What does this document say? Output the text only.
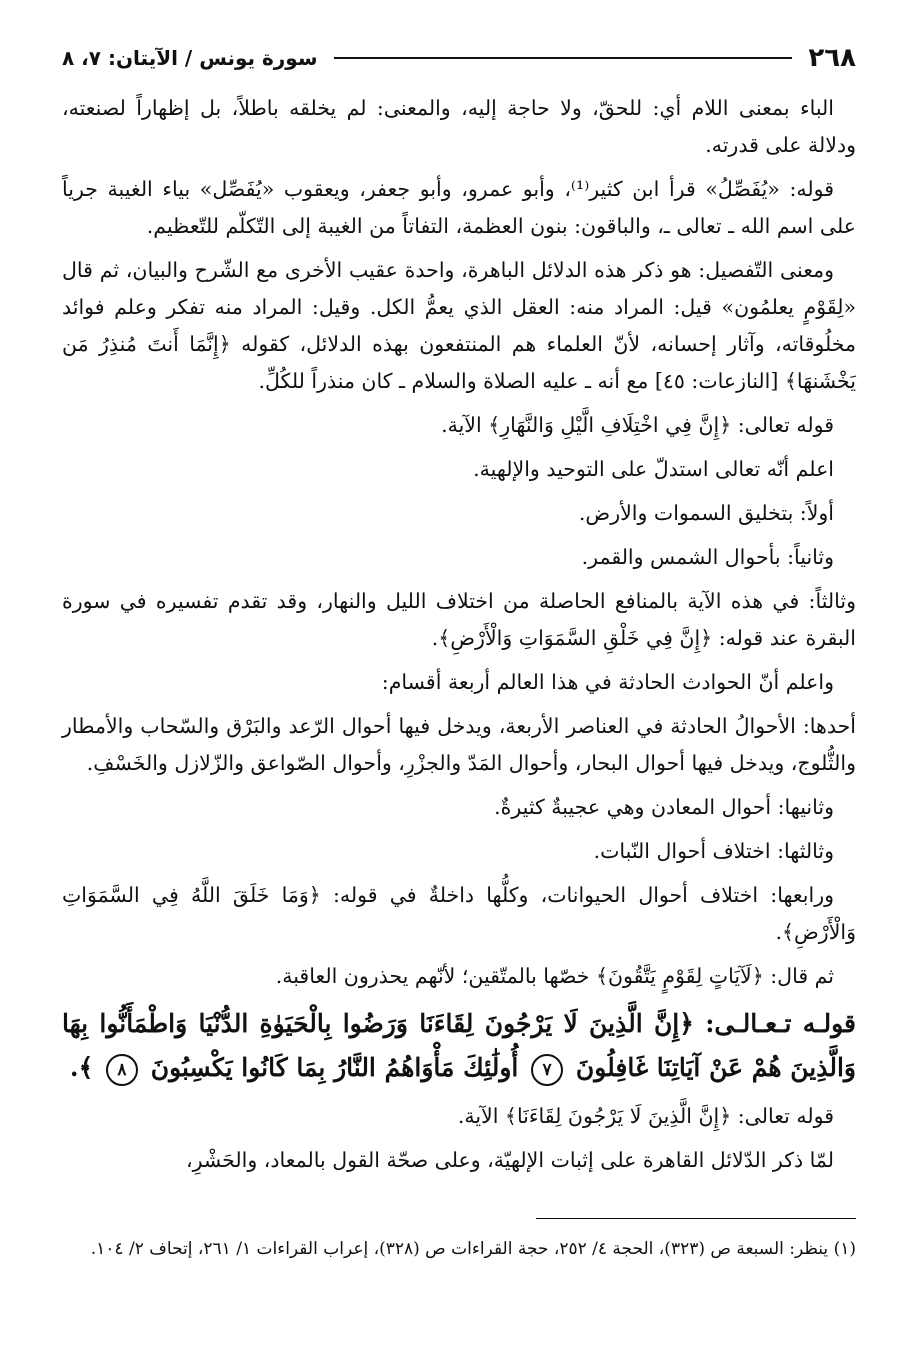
٢٦٨
سورة يونس / الآيتان: ٧، ٨

الباء بمعنى اللام أي: للحقّ، ولا حاجة إليه، والمعنى: لم يخلقه باطلاً، بل إظهاراً لصنعته، ودلالة على قدرته.

قوله: «يُفَصِّلُ» قرأ ابن كثير⁽¹⁾، وأبو عمرو، وأبو جعفر، ويعقوب «يُفَصِّل» بياء الغيبة جرياً على اسم الله ـ تعالى ـ، والباقون: بنون العظمة، التفاتاً من الغيبة إلى التّكلّم للتّعظيم.

ومعنى التّفصيل: هو ذكر هذه الدلائل الباهرة، واحدة عقيب الأخرى مع الشّرح والبيان، ثم قال «لِقَوْمٍ يعلمُون» قيل: المراد منه: العقل الذي يعمُّ الكل. وقيل: المراد منه تفكر وعلم فوائد مخلُوقاته، وآثار إحسانه، لأنّ العلماء هم المنتفعون بهذه الدلائل، كقوله ﴿إِنَّمَا أَنتَ مُنذِرُ مَن يَخْشَنهَا﴾ [النازعات: ٤٥] مع أنه ـ عليه الصلاة والسلام ـ كان منذراً للكُلِّ.

قوله تعالى: ﴿إِنَّ فِي اخْتِلَافِ الَّيْلِ وَالنَّهَارِ﴾ الآية.

اعلم أنّه تعالى استدلّ على التوحيد والإلهية.

أولاً: بتخليق السموات والأرض.

وثانياً: بأحوال الشمس والقمر.

وثالثاً: في هذه الآية بالمنافع الحاصلة من اختلاف الليل والنهار، وقد تقدم تفسيره في سورة البقرة عند قوله: ﴿إِنَّ فِي خَلْقِ السَّمَوَاتِ وَالْأَرْضِ﴾.

واعلم أنّ الحوادث الحادثة في هذا العالم أربعة أقسام:

أحدها: الأحوالُ الحادثة في العناصر الأربعة، ويدخل فيها أحوال الرّعد والبَرْق والسّحاب والأمطار والثُّلوج، ويدخل فيها أحوال البحار، وأحوال المَدّ والجزْرِ، وأحوال الصّواعق والزّلازل والخَسْفِ.

وثانيها: أحوال المعادن وهي عجيبةٌ كثيرةٌ.

وثالثها: اختلاف أحوال النّبات.

ورابعها: اختلاف أحوال الحيوانات، وكلُّها داخلةٌ في قوله: ﴿وَمَا خَلَقَ اللَّهُ فِي السَّمَوَاتِ وَالْأَرْضِ﴾.

ثم قال: ﴿لَآيَاتٍ لِقَوْمٍ يَتَّقُونَ﴾ خصّها بالمتّقين؛ لأنّهم يحذرون العاقبة.

قولـه تـعـالـى: ﴿إِنَّ الَّذِينَ لَا يَرْجُونَ لِقَاءَنَا وَرَضُوا بِالْحَيَوٰةِ الدُّنْيَا وَاطْمَأَنُّوا بِهَا وَالَّذِينَ هُمْ عَنْ آيَاتِنَا غَافِلُونَ ٧ أُولَٰئِكَ مَأْوَاهُمُ النَّارُ بِمَا كَانُوا يَكْسِبُونَ ٨ ﴾.

قوله تعالى: ﴿إِنَّ الَّذِينَ لَا يَرْجُونَ لِقَاءَنَا﴾ الآية.

لمّا ذكر الدّلائل القاهرة على إثبات الإلهيّة، وعلى صحّة القول بالمعاد، والحَشْرِ،

(١) ينظر: السبعة ص (٣٢٣)، الحجة ٤/ ٢٥٢، حجة القراءات ص (٣٢٨)، إعراب القراءات ١/ ٢٦١، إتحاف ٢/ ١٠٤.
